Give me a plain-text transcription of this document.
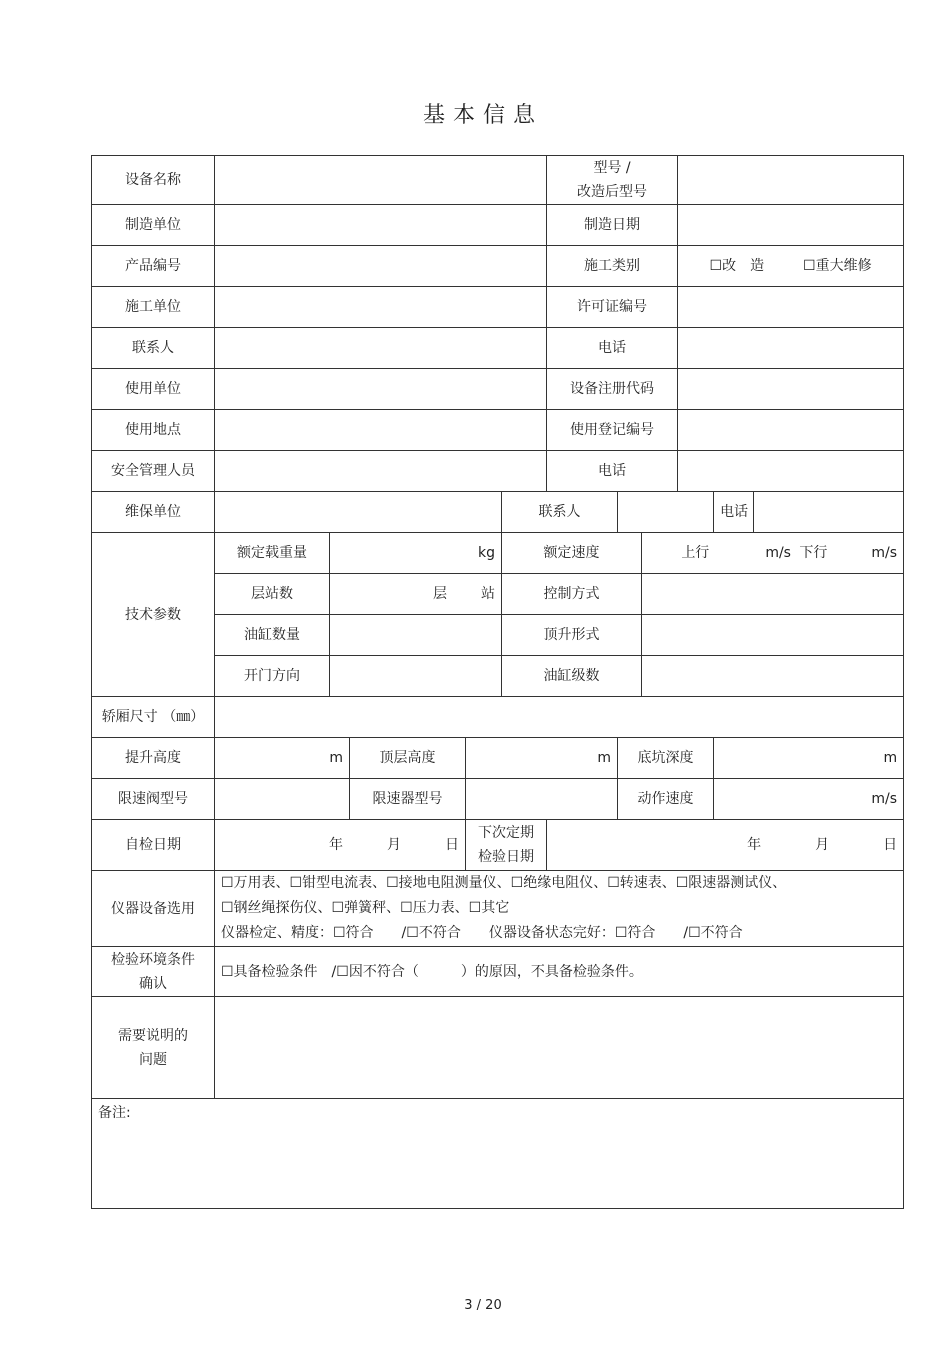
基本信息
设备名称						型号 /
改造后型号					
制造单位						制造日期					
产品编号						施工类别			☐改　造 ☐重大维修		
施工单位						许可证编号					
联系人						电话					
使用单位						设备注册代码					
使用地点						使用登记编号					
安全管理人员						电话					
维保单位					联系人					电话	
技术参数	额定载重量	kg			额定速度			上行 m/s 下行 m/s			
	层站数	层 站			控制方式						
	油缸数量				顶升形式						
	开门方向				油缸级数						
轿厢尺寸 （㎜）											
提升高度	m		顶层高度	m			底坑深度			m	
限速阀型号			限速器型号				动作速度			m/s	
自检日期	年 月 日			下次定期
检验日期		年 月 日					
仪器设备选用	☐万用表、☐钳型电流表、☐接地电阻测量仪、☐绝缘电阻仪、☐转速表、☐限速器测试仪、
☐钢丝绳探伤仪、☐弹簧秤、☐压力表、☐其它
仪器检定、精度：☐符合　　/☐不符合　　仪器设备状态完好：☐符合　　/☐不符合										

检验环境条件
确认	☐具备检验条件　/☐因不符合（　　　）的原因，不具备检验条件。										
需要说明的
问题											
备注:											
3 / 20
